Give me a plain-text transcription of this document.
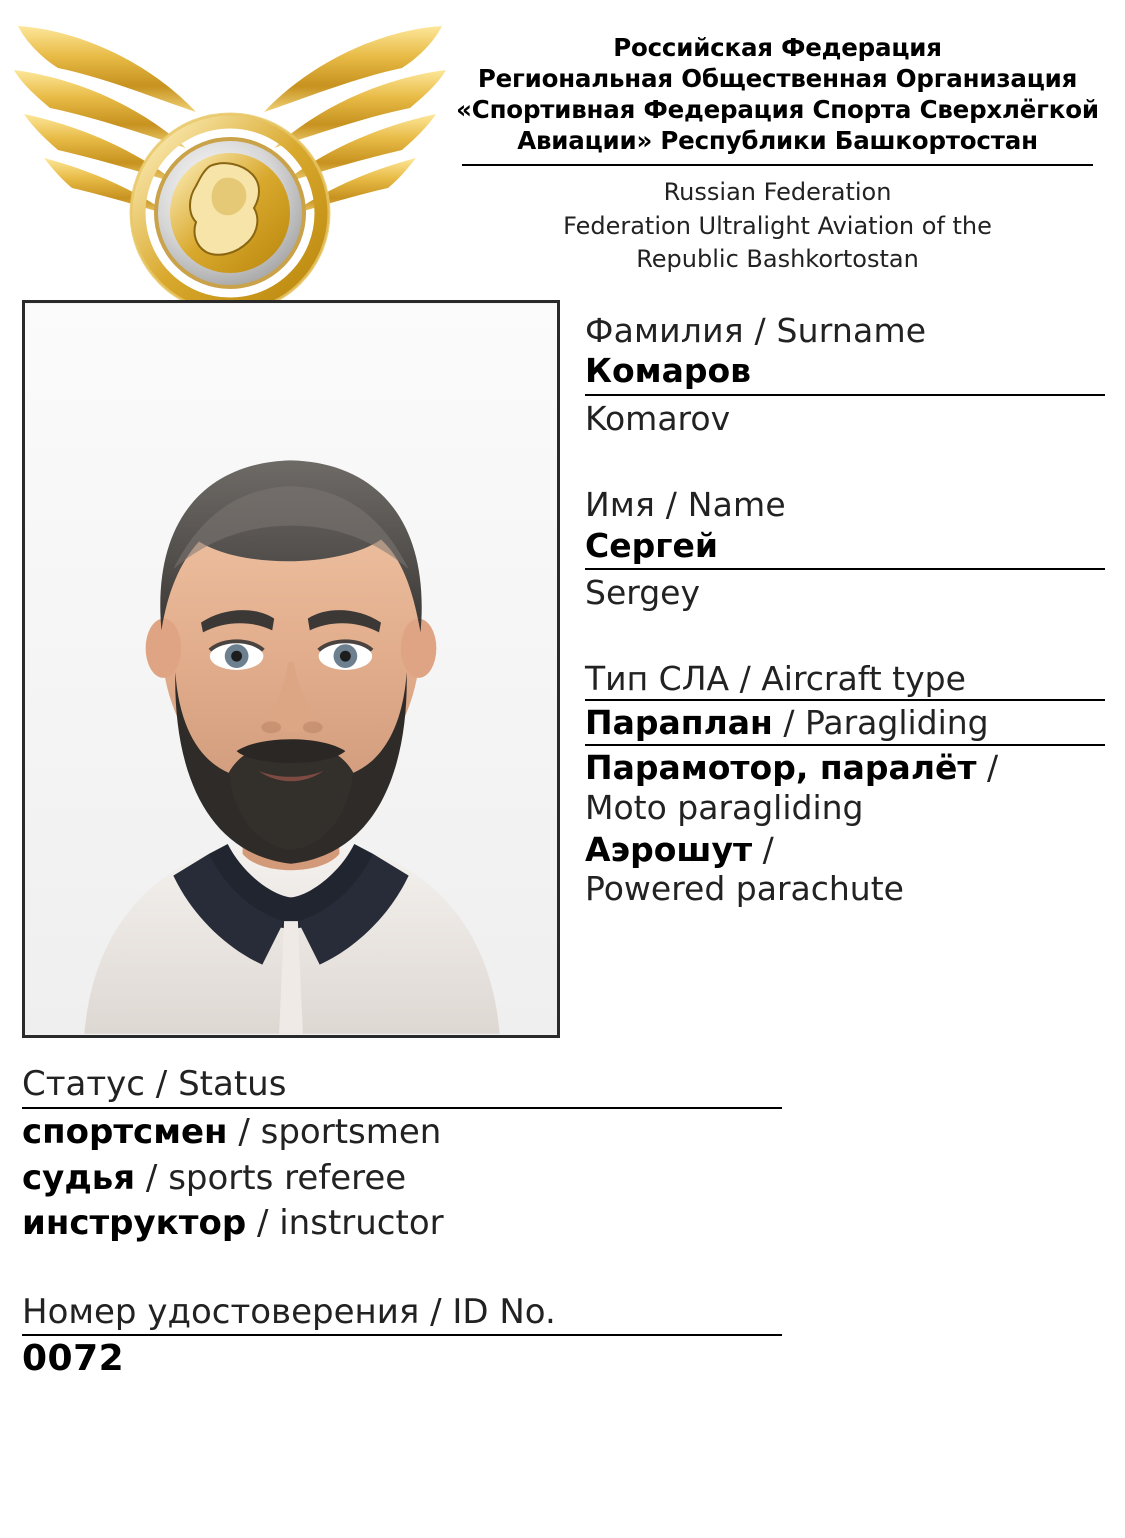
Российская Федерация
Региональная Общественная Организация
«Спортивная Федерация Спорта Сверхлёгкой
Авиации» Республики Башкортостан
Russian Federation
Federation Ultralight Aviation of the
Republic Bashkortostan
Фамилия / Surname
Комаров
Komarov
Имя / Name
Сергей
Sergey
Тип СЛА / Aircraft type
Параплан / Paragliding
Парамотор, паралёт /
Moto paragliding
Аэрошут /
Powered parachute
Статус / Status
спортсмен / sportsmen
судья / sports referee
инструктор / instructor
Номер удостоверения / ID No.
0072
